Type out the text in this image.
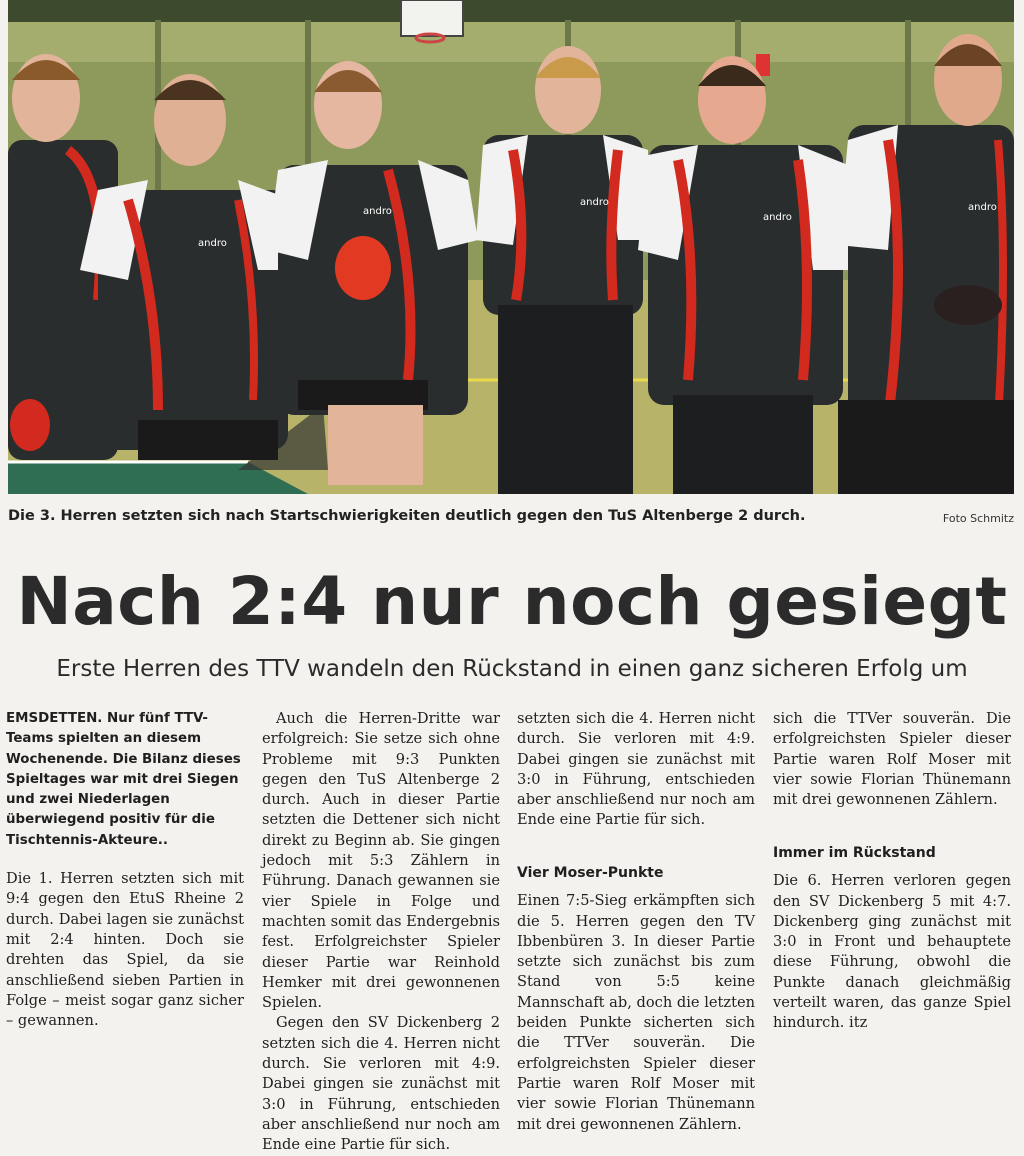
andro
andro
andro
andro
andro
Die 3. Herren setzten sich nach Startschwierigkeiten deutlich gegen den TuS Altenberge 2 durch.	Foto Schmitz
Nach 2:4 nur noch gesiegt
Erste Herren des TTV wandeln den Rückstand in einen ganz sicheren Erfolg um

EMSDETTEN. Nur fünf TTV-Teams spielten an diesem Wochenende. Die Bilanz dieses Spieltages war mit drei Siegen und zwei Niederlagen überwiegend positiv für die Tischtennis-Akteure..

Die 1. Herren setzten sich mit 9:4 gegen den EtuS Rheine 2 durch. Dabei lagen sie zunächst mit 2:4 hinten. Doch sie drehten das Spiel, da sie anschließend sieben Partien in Folge – meist sogar ganz sicher – gewannen.

Auch die Herren-Dritte war erfolgreich: Sie setze sich ohne Probleme mit 9:3 Punkten gegen den TuS Altenberge 2 durch. Auch in dieser Partie setzten die Dettener sich nicht direkt zu Beginn ab. Sie gingen jedoch mit 5:3 Zählern in Führung. Danach gewannen sie vier Spiele in Folge und machten somit das Endergebnis fest. Erfolgreichster Spieler dieser Partie war Reinhold Hemker mit drei gewonnenen Spielen.

Gegen den SV Dickenberg 2 setzten sich die 4. Herren nicht durch. Sie verloren mit 4:9. Dabei gingen sie zunächst mit 3:0 in Führung, entschieden aber anschließend nur noch am Ende eine Partie für sich.

setzten sich die 4. Herren nicht durch. Sie verloren mit 4:9. Dabei gingen sie zunächst mit 3:0 in Führung, entschieden aber anschließend nur noch am Ende eine Partie für sich.

Vier Moser-Punkte

Einen 7:5-Sieg erkämpften sich die 5. Herren gegen den TV Ibbenbüren 3. In dieser Partie setzte sich zunächst bis zum Stand von 5:5 keine Mannschaft ab, doch die letzten beiden Punkte sicherten sich die TTVer souverän. Die erfolgreichsten Spieler dieser Partie waren Rolf Moser mit vier sowie Florian Thünemann mit drei gewonnenen Zählern.

sich die TTVer souverän. Die erfolgreichsten Spieler dieser Partie waren Rolf Moser mit vier sowie Florian Thünemann mit drei gewonnenen Zählern.

Immer im Rückstand

Die 6. Herren verloren gegen den SV Dickenberg 5 mit 4:7. Dickenberg ging zunächst mit 3:0 in Front und behauptete diese Führung, obwohl die Punkte danach gleichmäßig verteilt waren, das ganze Spiel hindurch. itz
